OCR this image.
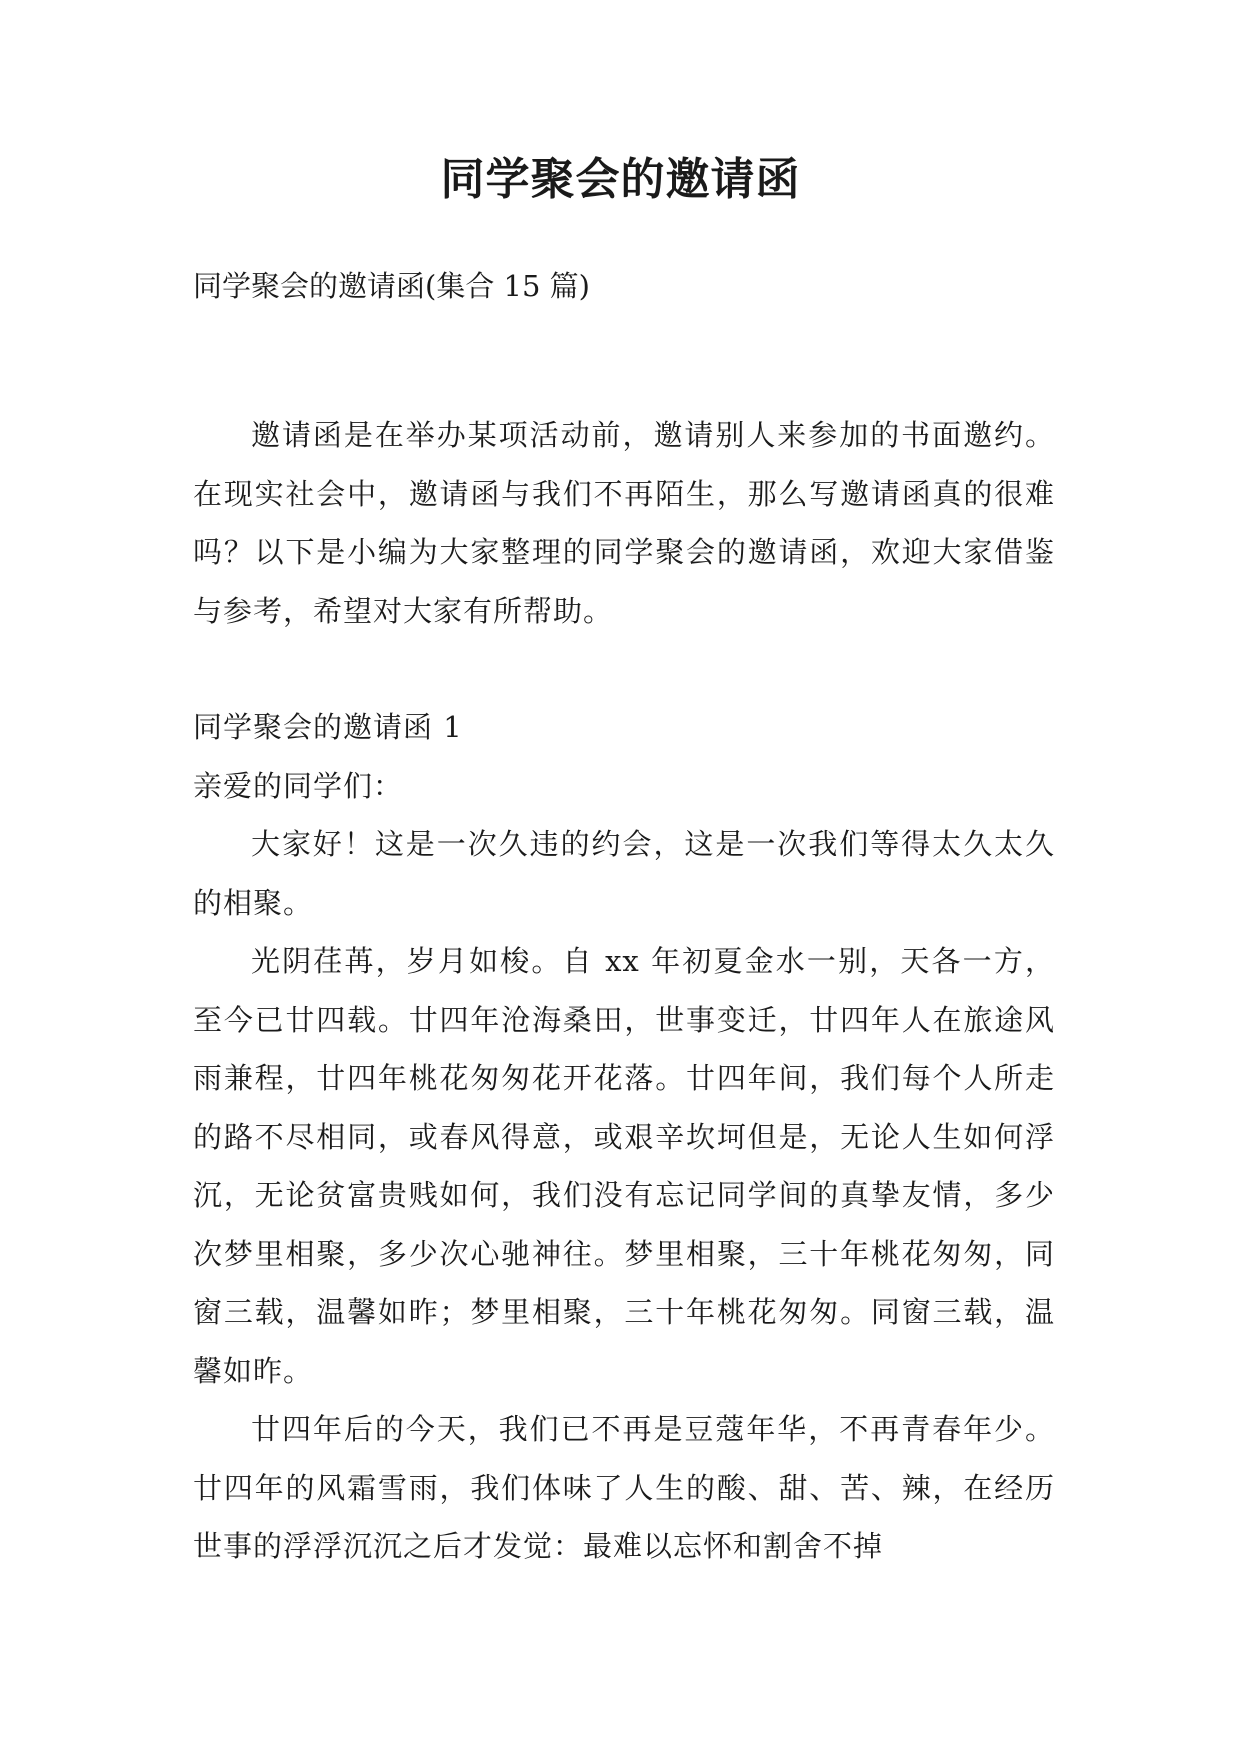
同学聚会的邀请函

同学聚会的邀请函(集合 15 篇)

邀请函是在举办某项活动前，邀请别人来参加的书面邀约。在现实社会中，邀请函与我们不再陌生，那么写邀请函真的很难吗？以下是小编为大家整理的同学聚会的邀请函，欢迎大家借鉴与参考，希望对大家有所帮助。

同学聚会的邀请函 1

亲爱的同学们：

大家好！这是一次久违的约会，这是一次我们等得太久太久的相聚。

光阴荏苒，岁月如梭。自 xx 年初夏金水一别，天各一方，至今已廿四载。廿四年沧海桑田，世事变迁，廿四年人在旅途风雨兼程，廿四年桃花匆匆花开花落。廿四年间，我们每个人所走的路不尽相同，或春风得意，或艰辛坎坷但是，无论人生如何浮沉，无论贫富贵贱如何，我们没有忘记同学间的真挚友情，多少次梦里相聚，多少次心驰神往。梦里相聚，三十年桃花匆匆，同窗三载，温馨如昨；梦里相聚，三十年桃花匆匆。同窗三载，温馨如昨。

廿四年后的今天，我们已不再是豆蔻年华，不再青春年少。廿四年的风霜雪雨，我们体味了人生的酸、甜、苦、辣，在经历世事的浮浮沉沉之后才发觉：最难以忘怀和割舍不掉
